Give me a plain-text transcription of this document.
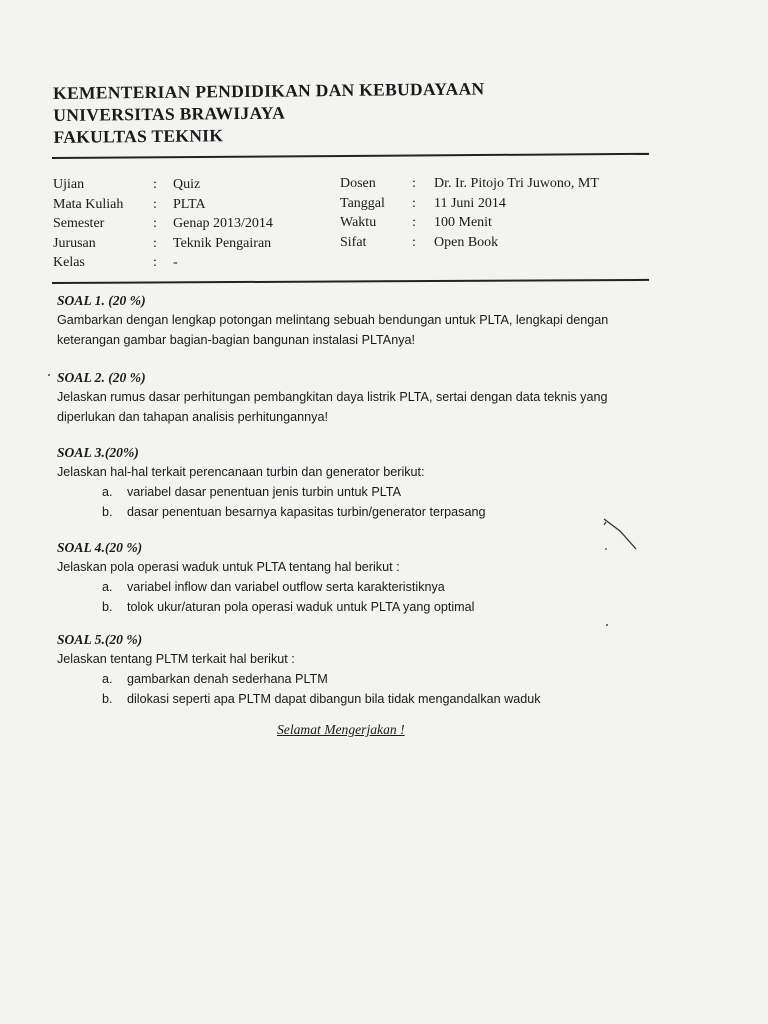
KEMENTERIAN PENDIDIKAN DAN KEBUDAYAAN
UNIVERSITAS BRAWIJAYA
FAKULTAS TEKNIK
Ujian	:	Quiz
Mata Kuliah	:	PLTA
Semester	:	Genap 2013/2014
Jurusan	:	Teknik Pengairan
Kelas	:	-
Dosen	:	Dr. Ir. Pitojo Tri Juwono, MT
Tanggal	:	11 Juni 2014
Waktu	:	100 Menit
Sifat	:	Open Book
SOAL 1. (20 %)
Gambarkan dengan lengkap potongan melintang sebuah bendungan untuk PLTA, lengkapi dengan keterangan gambar bagian-bagian bangunan instalasi PLTAnya!
SOAL 2. (20 %)
Jelaskan rumus dasar perhitungan pembangkitan daya listrik PLTA, sertai dengan data teknis yang diperlukan dan tahapan analisis perhitungannya!
SOAL 3.(20%)
Jelaskan hal-hal terkait perencanaan turbin dan generator berikut:
a.	variabel dasar penentuan jenis turbin untuk PLTA
b.	dasar penentuan besarnya kapasitas turbin/generator terpasang
SOAL 4.(20 %)
Jelaskan pola operasi waduk untuk PLTA tentang hal berikut :
a.	variabel inflow dan variabel outflow serta karakteristiknya
b.	tolok ukur/aturan pola operasi waduk untuk PLTA yang optimal
SOAL 5.(20 %)
Jelaskan tentang PLTM terkait hal berikut :
a.	gambarkan denah sederhana PLTM
b.	dilokasi seperti apa PLTM dapat dibangun bila tidak mengandalkan waduk
Selamat Mengerjakan !
